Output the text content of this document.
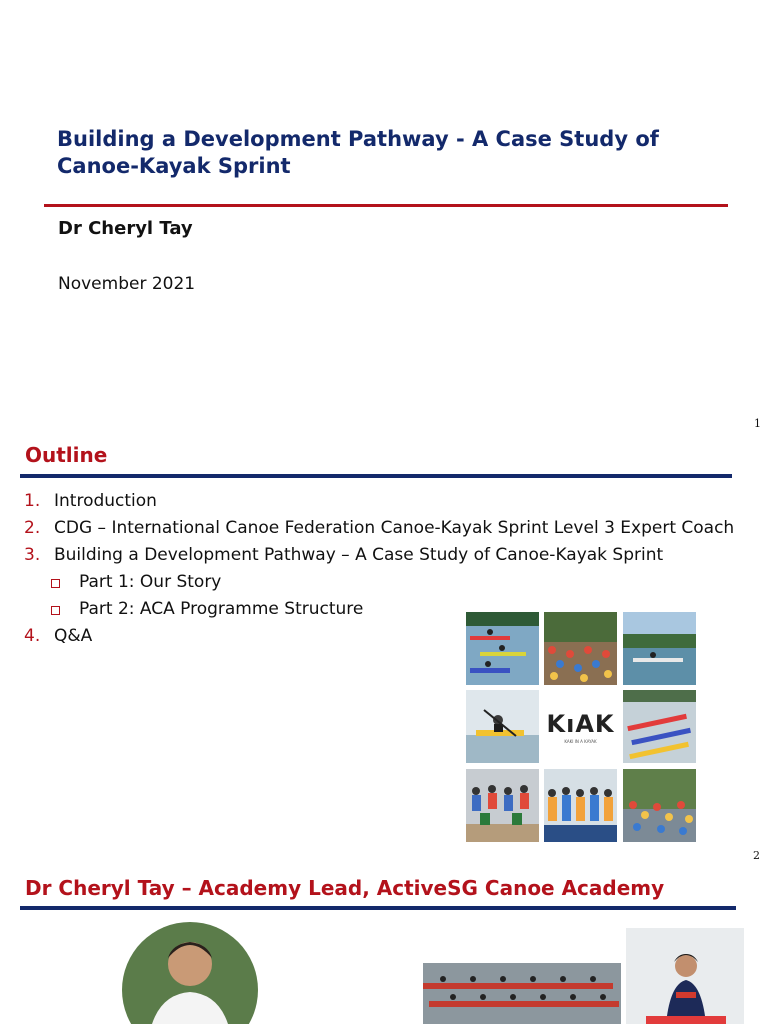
Building a Development Pathway - A Case Study of
Canoe-Kayak Sprint
Dr Cheryl Tay
November 2021
1
Outline
1. Introduction
2. CDG – International Canoe Federation Canoe-Kayak Sprint Level 3 Expert Coach
3. Building a Development Pathway – A Case Study of Canoe-Kayak Sprint
Part 1: Our Story
Part 2: ACA Programme Structure
4. Q&A
KıAK
KAKI IN A KAYAK
2
Dr Cheryl Tay – Academy Lead, ActiveSG Canoe Academy
